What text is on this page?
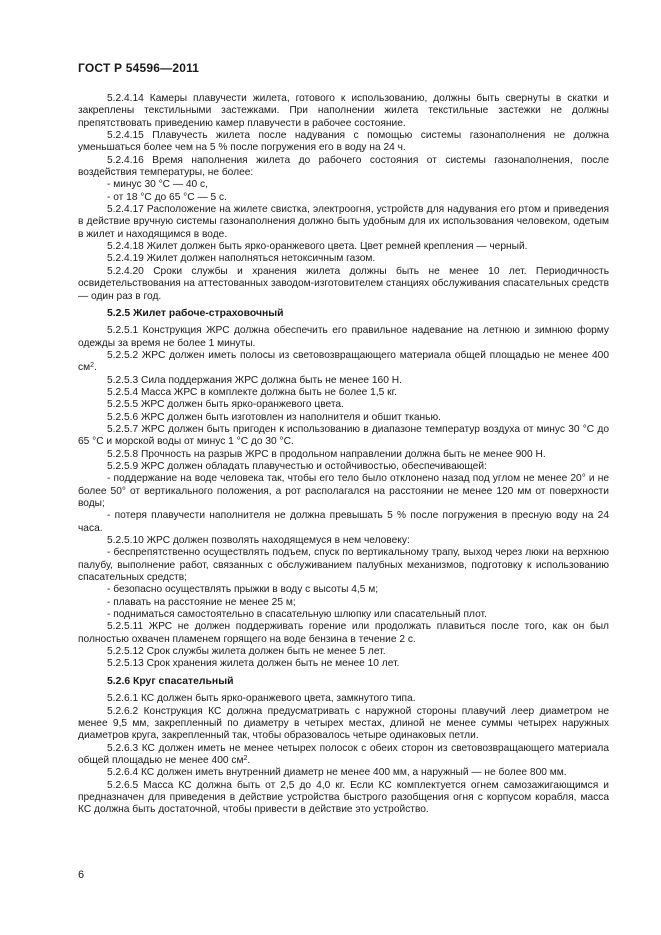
ГОСТ Р 54596—2011

5.2.4.14 Камеры плавучести жилета, готового к использованию, должны быть свернуты в скатки и закреплены текстильными застежками. При наполнении жилета текстильные застежки не должны препятствовать приведению камер плавучести в рабочее состояние.

5.2.4.15 Плавучесть жилета после надувания с помощью системы газонаполнения не должна уменьшаться более чем на 5 % после погружения его в воду на 24 ч.

5.2.4.16 Время наполнения жилета до рабочего состояния от системы газонаполнения, после воздействия температуры, не более:

- минус 30 °С — 40 с,

- от 18 °С до 65 °С — 5 с.

5.2.4.17 Расположение на жилете свистка, электроогня, устройств для надувания его ртом и приведения в действие вручную системы газонаполнения должно быть удобным для их использования человеком, одетым в жилет и находящимся в воде.

5.2.4.18 Жилет должен быть ярко-оранжевого цвета. Цвет ремней крепления — черный.

5.2.4.19 Жилет должен наполняться нетоксичным газом.

5.2.4.20 Сроки службы и хранения жилета должны быть не менее 10 лет. Периодичность освидетельствования на аттестованных заводом-изготовителем станциях обслуживания спасательных средств — один раз в год.

5.2.5 Жилет рабоче-страховочный

5.2.5.1 Конструкция ЖРС должна обеспечить его правильное надевание на летнюю и зимнюю форму одежды за время не более 1 минуты.

5.2.5.2 ЖРС должен иметь полосы из световозвращающего материала общей площадью не менее 400 $см^2$.

5.2.5.3 Сила поддержания ЖРС должна быть не менее 160 Н.

5.2.5.4 Масса ЖРС в комплекте должна быть не более 1,5 кг.

5.2.5.5 ЖРС должен быть ярко-оранжевого цвета.

5.2.5.6 ЖРС должен быть изготовлен из наполнителя и обшит тканью.

5.2.5.7 ЖРС должен быть пригоден к использованию в диапазоне температур воздуха от минус 30 °С до 65 °С и морской воды от минус 1 °С до 30 °С.

5.2.5.8 Прочность на разрыв ЖРС в продольном направлении должна быть не менее 900 Н.

5.2.5.9 ЖРС должен обладать плавучестью и остойчивостью, обеспечивающей:

- поддержание на воде человека так, чтобы его тело было отклонено назад под углом не менее 20° и не более 50° от вертикального положения, а рот располагался на расстоянии не менее 120 мм от поверхности воды;

- потеря плавучести наполнителя не должна превышать 5 % после погружения в пресную воду на 24 часа.

5.2.5.10 ЖРС должен позволять находящемуся в нем человеку:

- беспрепятственно осуществлять подъем, спуск по вертикальному трапу, выход через люки на верхнюю палубу, выполнение работ, связанных с обслуживанием палубных механизмов, подготовку к использованию спасательных средств;

- безопасно осуществлять прыжки в воду с высоты 4,5 м;

- плавать на расстояние не менее 25 м;

- подниматься самостоятельно в спасательную шлюпку или спасательный плот.

5.2.5.11 ЖРС не должен поддерживать горение или продолжать плавиться после того, как он был полностью охвачен пламенем горящего на воде бензина в течение 2 с.

5.2.5.12 Срок службы жилета должен быть не менее 5 лет.

5.2.5.13 Срок хранения жилета должен быть не менее 10 лет.

5.2.6 Круг спасательный

5.2.6.1 КС должен быть ярко-оранжевого цвета, замкнутого типа.

5.2.6.2 Конструкция КС должна предусматривать с наружной стороны плавучий леер диаметром не менее 9,5 мм, закрепленный по диаметру в четырех местах, длиной не менее суммы четырех наружных диаметров круга, закрепленный так, чтобы образовалось четыре одинаковых петли.

5.2.6.3 КС должен иметь не менее четырех полосок с обеих сторон из световозвращающего материала общей площадью не менее 400 $см^2$.

5.2.6.4 КС должен иметь внутренний диаметр не менее 400 мм, а наружный — не более 800 мм.

5.2.6.5 Масса КС должна быть от 2,5 до 4,0 кг. Если КС комплектуется огнем самозажигающимся и предназначен для приведения в действие устройства быстрого разобщения огня с корпусом корабля, масса КС должна быть достаточной, чтобы привести в действие это устройство.

6
